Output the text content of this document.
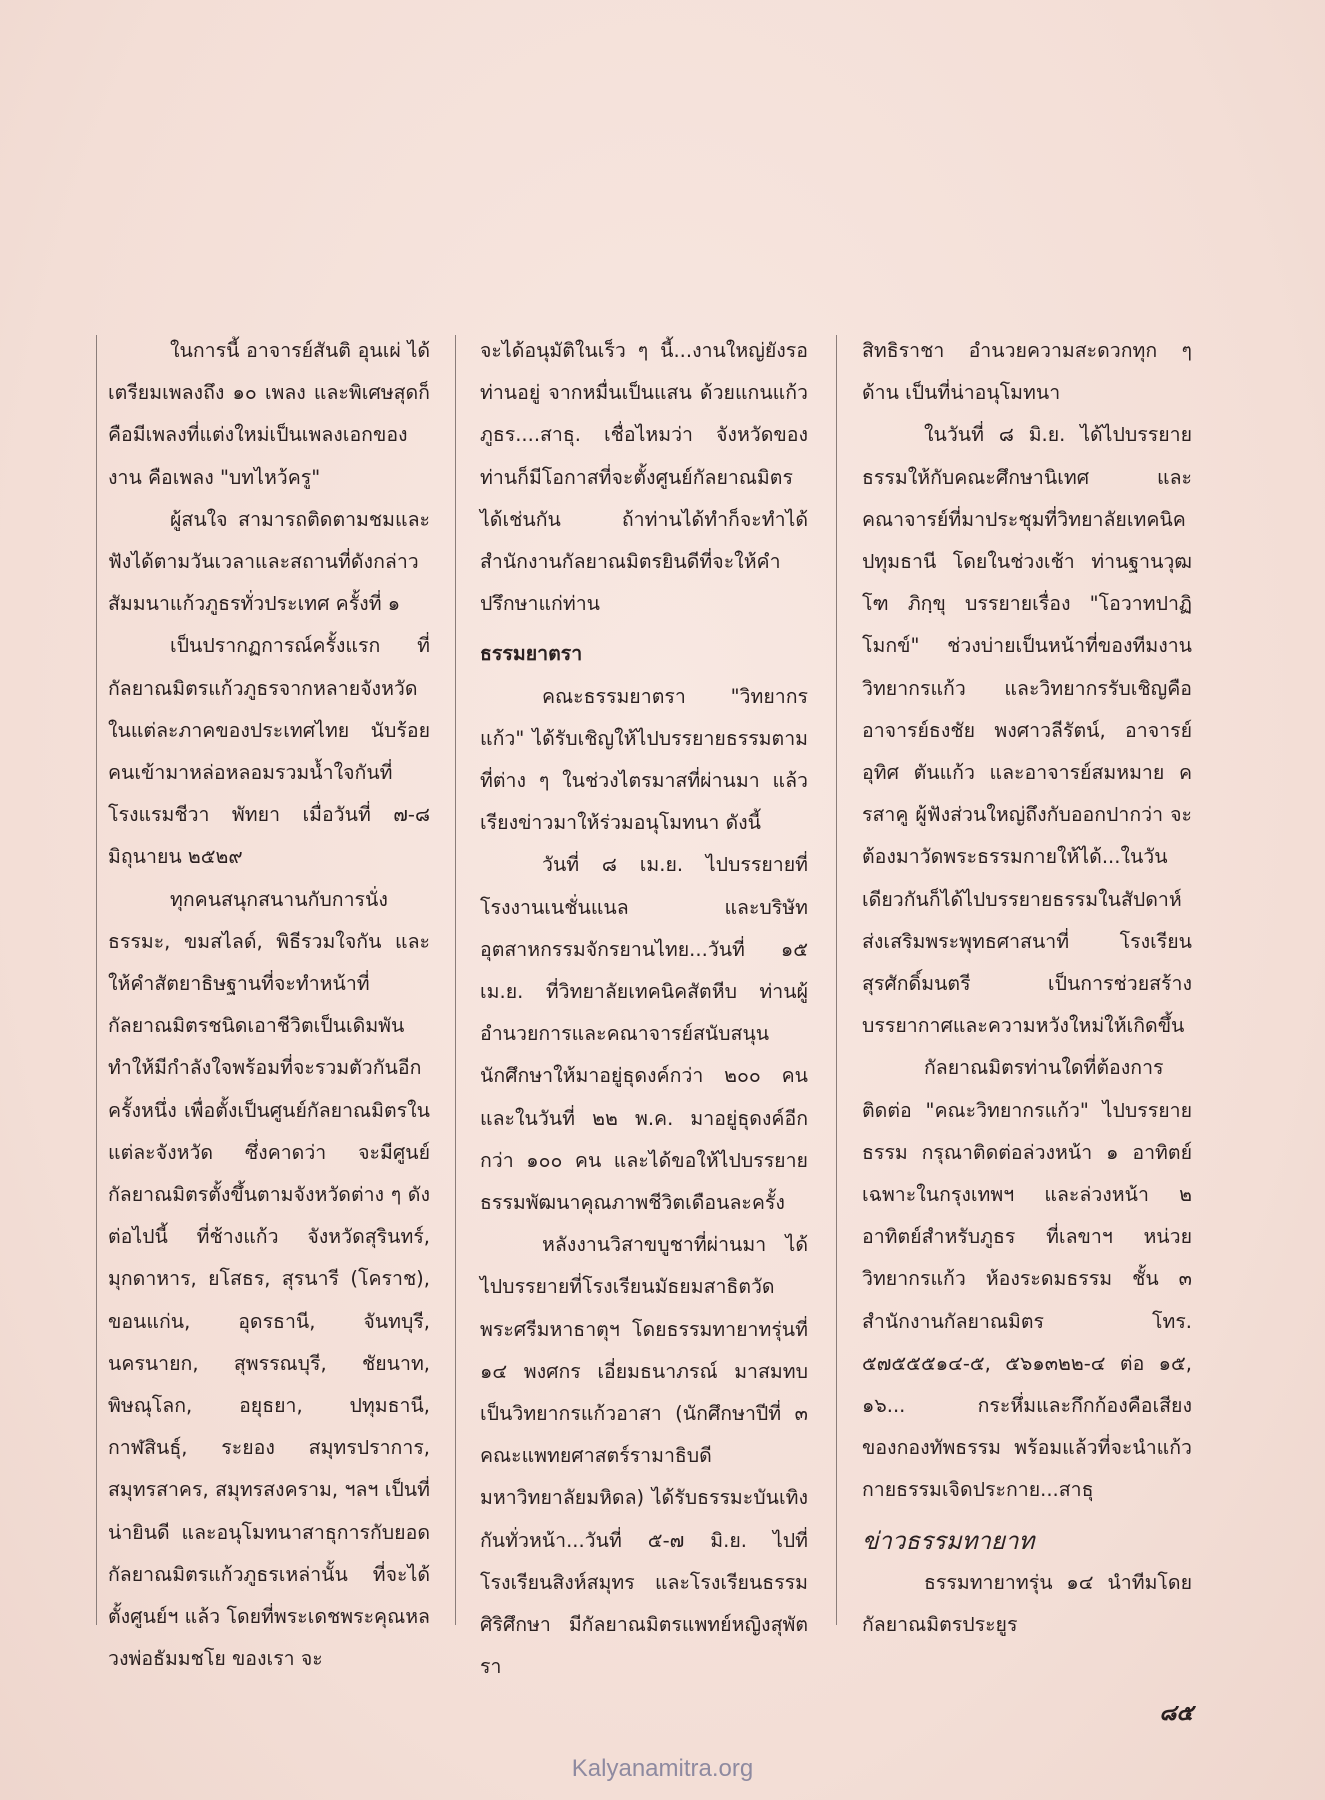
ในการนี้ อาจารย์สันติ อุนเผ่ ได้เตรียมเพลงถึง ๑๐ เพลง และพิเศษสุดก็คือมีเพลงที่แต่งใหม่เป็นเพลงเอกของงาน คือเพลง "บทไหว้ครู"

ผู้สนใจ สามารถติดตามชมและฟังได้ตามวันเวลาและสถานที่ดังกล่าว สัมมนาแก้วภูธรทั่วประเทศ ครั้งที่ ๑

เป็นปรากฏการณ์ครั้งแรก ที่กัลยาณมิตรแก้วภูธรจากหลายจังหวัดในแต่ละภาคของประเทศไทย นับร้อยคนเข้ามาหล่อหลอมรวมน้ำใจกันที่ โรงแรมชีวา พัทยา เมื่อวันที่ ๗-๘ มิถุนายน ๒๕๒๙

ทุกคนสนุกสนานกับการนั่งธรรมะ, ขมสไลด์, พิธีรวมใจกัน และให้คำสัตยาธิษฐานที่จะทำหน้าที่กัลยาณมิตรชนิดเอาชีวิตเป็นเดิมพัน ทำให้มีกำลังใจพร้อมที่จะรวมตัวกันอีกครั้งหนึ่ง เพื่อตั้งเป็นศูนย์กัลยาณมิตรในแต่ละจังหวัด ซึ่งคาดว่า จะมีศูนย์กัลยาณมิตรตั้งขึ้นตามจังหวัดต่าง ๆ ดังต่อไปนี้ ที่ช้างแก้ว จังหวัดสุรินทร์, มุกดาหาร, ยโสธร, สุรนารี (โคราช), ขอนแก่น, อุดรธานี, จันทบุรี, นครนายก, สุพรรณบุรี, ชัยนาท, พิษณุโลก, อยุธยา, ปทุมธานี, กาฬสินธุ์, ระยอง สมุทรปราการ, สมุทรสาคร, สมุทรสงคราม, ฯลฯ เป็นที่น่ายินดี และอนุโมทนาสาธุการกับยอดกัลยาณมิตรแก้วภูธรเหล่านั้น ที่จะได้ตั้งศูนย์ฯ แล้ว โดยที่พระเดชพระคุณหลวงพ่อธัมมชโย ของเรา จะ

จะได้อนุมัติในเร็ว ๆ นี้...งานใหญ่ยังรอท่านอยู่ จากหมื่นเป็นแสน ด้วยแกนแก้วภูธร....สาธุ. เชื่อไหมว่า จังหวัดของท่านก็มีโอกาสที่จะตั้งศูนย์กัลยาณมิตรได้เช่นกัน ถ้าท่านได้ทำก็จะทำได้ สำนักงานกัลยาณมิตรยินดีที่จะให้คำปรึกษาแก่ท่าน

ธรรมยาตรา

คณะธรรมยาตรา "วิทยากรแก้ว" ได้รับเชิญให้ไปบรรยายธรรมตามที่ต่าง ๆ ในช่วงไตรมาสที่ผ่านมา แล้วเรียงข่าวมาให้ร่วมอนุโมทนา ดังนี้

วันที่ ๘ เม.ย. ไปบรรยายที่โรงงานเนชั่นแนล และบริษัทอุตสาหกรรมจักรยานไทย...วันที่ ๑๕ เม.ย. ที่วิทยาลัยเทคนิคสัตหีบ ท่านผู้อำนวยการและคณาจารย์สนับสนุนนักศึกษาให้มาอยู่ธุดงค์กว่า ๒๐๐ คน และในวันที่ ๒๒ พ.ค. มาอยู่ธุดงค์อีกกว่า ๑๐๐ คน และได้ขอให้ไปบรรยายธรรมพัฒนาคุณภาพชีวิตเดือนละครั้ง

หลังงานวิสาขบูชาที่ผ่านมา ได้ไปบรรยายที่โรงเรียนมัธยมสาธิตวัดพระศรีมหาธาตุฯ โดยธรรมทายาทรุ่นที่ ๑๔ พงศกร เอี่ยมธนาภรณ์ มาสมทบเป็นวิทยากรแก้วอาสา (นักศึกษาปีที่ ๓ คณะแพทยศาสตร์รามาธิบดี มหาวิทยาลัยมหิดล) ได้รับธรรมะบันเทิงกันทั่วหน้า...วันที่ ๕-๗ มิ.ย. ไปที่โรงเรียนสิงห์สมุทร และโรงเรียนธรรมศิริศึกษา มีกัลยาณมิตรแพทย์หญิงสุพัตรา

สิทธิราชา อำนวยความสะดวกทุก ๆ ด้าน เป็นที่น่าอนุโมทนา

ในวันที่ ๘ มิ.ย. ได้ไปบรรยายธรรมให้กับคณะศึกษานิเทศ และคณาจารย์ที่มาประชุมที่วิทยาลัยเทคนิคปทุมธานี โดยในช่วงเช้า ท่านฐานวุฒโฑ ภิกฺขุ บรรยายเรื่อง "โอวาทปาฏิโมกข์" ช่วงบ่ายเป็นหน้าที่ของทีมงานวิทยากรแก้ว และวิทยากรรับเชิญคือ อาจารย์ธงชัย พงศาวลีรัตน์, อาจารย์อุทิศ ตันแก้ว และอาจารย์สมหมาย ครสาคู ผู้ฟังส่วนใหญ่ถึงกับออกปากว่า จะต้องมาวัดพระธรรมกายให้ได้...ในวันเดียวกันก็ได้ไปบรรยายธรรมในสัปดาห์ส่งเสริมพระพุทธศาสนาที่ โรงเรียนสุรศักดิ์มนตรี เป็นการช่วยสร้างบรรยากาศและความหวังใหม่ให้เกิดขึ้น

กัลยาณมิตรท่านใดที่ต้องการติดต่อ "คณะวิทยากรแก้ว" ไปบรรยายธรรม กรุณาติดต่อล่วงหน้า ๑ อาทิตย์ เฉพาะในกรุงเทพฯ และล่วงหน้า ๒ อาทิตย์สำหรับภูธร ที่เลขาฯ หน่วยวิทยากรแก้ว ห้องระดมธรรม ชั้น ๓ สำนักงานกัลยาณมิตร โทร. ๕๗๕๕๕๑๔-๕, ๕๖๑๓๒๒-๔ ต่อ ๑๕, ๑๖... กระหึ่มและกึกก้องคือเสียงของกองทัพธรรม พร้อมแล้วที่จะนำแก้วกายธรรมเจิดประกาย...สาธุ

ข่าวธรรมทายาท

ธรรมทายาทรุ่น ๑๔ นำทีมโดยกัลยาณมิตรประยูร

๘๕
Kalyanamitra.org
